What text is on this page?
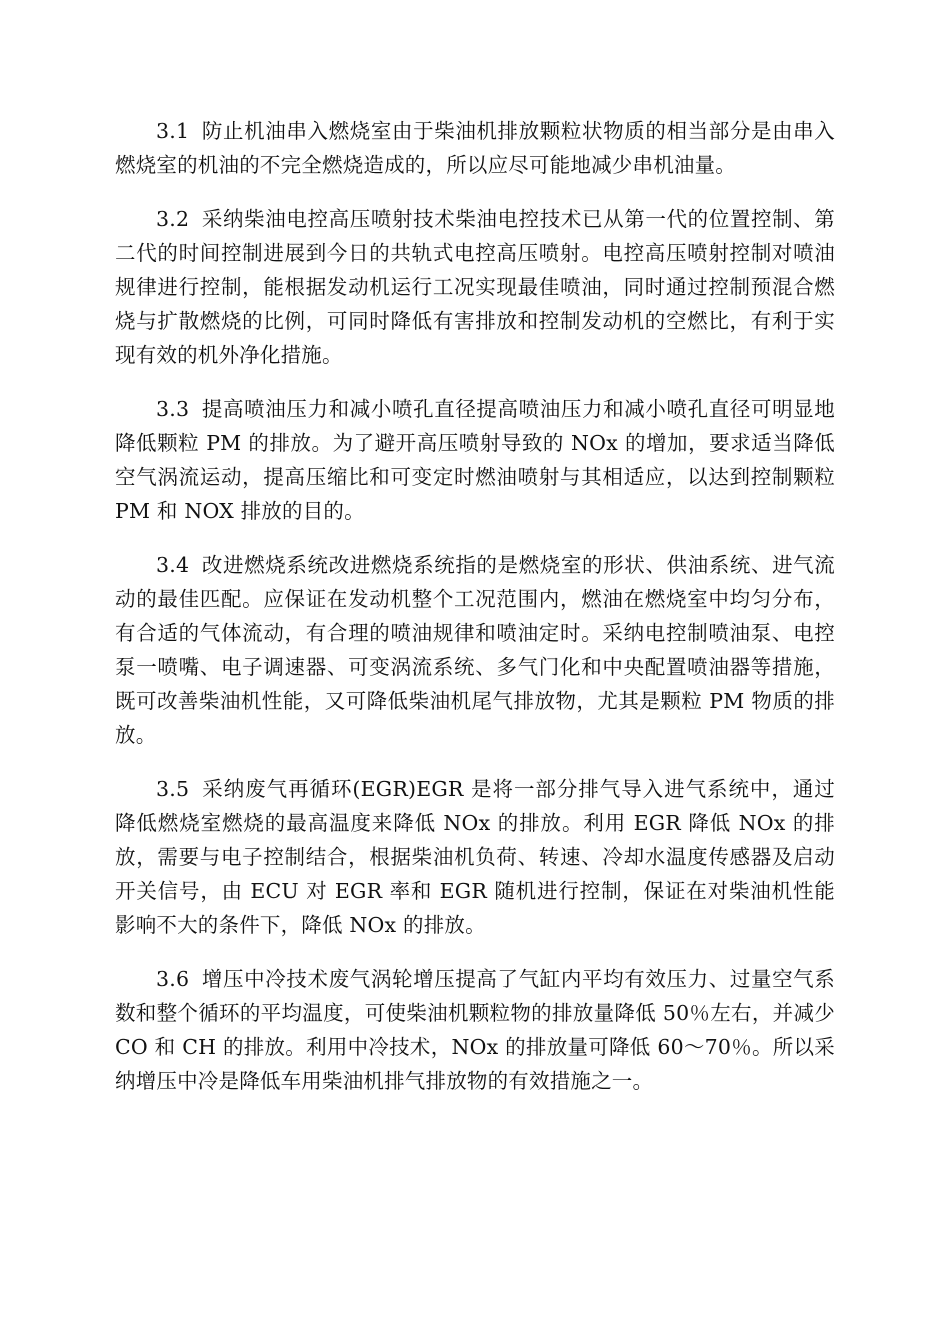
3.1 防止机油串入燃烧室由于柴油机排放颗粒状物质的相当部分是由串入燃烧室的机油的不完全燃烧造成的，所以应尽可能地减少串机油量。

3.2 采纳柴油电控高压喷射技术柴油电控技术已从第一代的位置控制、第二代的时间控制进展到今日的共轨式电控高压喷射。电控高压喷射控制对喷油规律进行控制，能根据发动机运行工况实现最佳喷油，同时通过控制预混合燃烧与扩散燃烧的比例，可同时降低有害排放和控制发动机的空燃比，有利于实现有效的机外净化措施。

3.3 提高喷油压力和减小喷孔直径提高喷油压力和减小喷孔直径可明显地降低颗粒 PM 的排放。为了避开高压喷射导致的 NOx 的增加，要求适当降低空气涡流运动，提高压缩比和可变定时燃油喷射与其相适应，以达到控制颗粒 PM 和 NOX 排放的目的。

3.4 改进燃烧系统改进燃烧系统指的是燃烧室的形状、供油系统、进气流动的最佳匹配。应保证在发动机整个工况范围内，燃油在燃烧室中均匀分布，有合适的气体流动，有合理的喷油规律和喷油定时。采纳电控制喷油泵、电控泵一喷嘴、电子调速器、可变涡流系统、多气门化和中央配置喷油器等措施，既可改善柴油机性能，又可降低柴油机尾气排放物，尤其是颗粒 PM 物质的排放。

3.5 采纳废气再循环(EGR)EGR 是将一部分排气导入进气系统中，通过降低燃烧室燃烧的最高温度来降低 NOx 的排放。利用 EGR 降低 NOx 的排放，需要与电子控制结合，根据柴油机负荷、转速、冷却水温度传感器及启动开关信号，由 ECU 对 EGR 率和 EGR 随机进行控制，保证在对柴油机性能影响不大的条件下，降低 NOx 的排放。

3.6 增压中冷技术废气涡轮增压提高了气缸内平均有效压力、过量空气系数和整个循环的平均温度，可使柴油机颗粒物的排放量降低 50％左右，并减少 CO 和 CH 的排放。利用中冷技术，NOx 的排放量可降低 60～70％。所以采纳增压中冷是降低车用柴油机排气排放物的有效措施之一。
